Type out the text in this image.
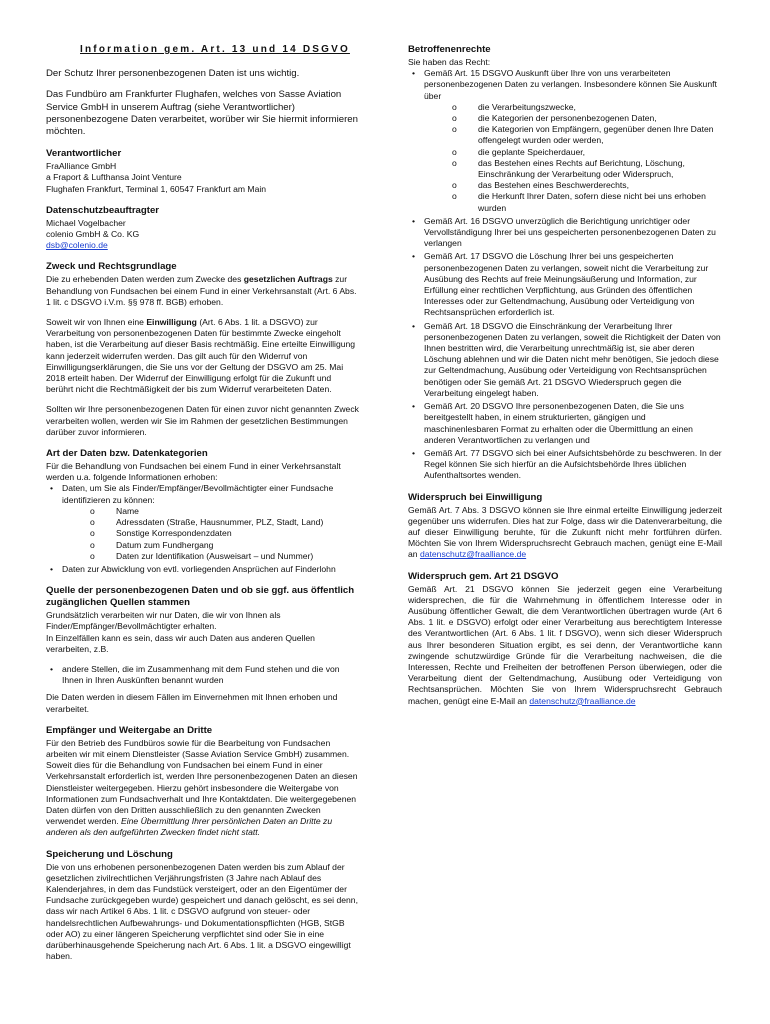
Information gem. Art. 13 und 14 DSGVO

Der Schutz Ihrer personenbezogenen Daten ist uns wichtig.

Das Fundbüro am Frankfurter Flughafen, welches von Sasse Aviation Service GmbH in unserem Auftrag (siehe Verantwortlicher) personenbezogene Daten verarbeitet, worüber wir Sie hiermit informieren möchten.

Verantwortlicher
FraAlliance GmbH
a Fraport & Lufthansa Joint Venture
Flughafen Frankfurt, Terminal 1, 60547 Frankfurt am Main
Datenschutzbeauftragter
Michael Vogelbacher
colenio GmbH & Co. KG
dsb@colenio.de
Zweck und Rechtsgrundlage

Die zu erhebenden Daten werden zum Zwecke des gesetzlichen Auftrags zur Behandlung von Fundsachen bei einem Fund in einer Verkehrsanstalt (Art. 6 Abs. 1 lit. c DSGVO i.V.m. §§ 978 ff. BGB) erhoben.

Soweit wir von Ihnen eine Einwilligung (Art. 6 Abs. 1 lit. a DSGVO) zur Verarbeitung von personenbezogenen Daten für bestimmte Zwecke eingeholt haben, ist die Verarbeitung auf dieser Basis rechtmäßig. Eine erteilte Einwilligung kann jederzeit widerrufen werden. Das gilt auch für den Widerruf von Einwilligungserklärungen, die Sie uns vor der Geltung der DSGVO am 25. Mai 2018 erteilt haben. Der Widerruf der Einwilligung erfolgt für die Zukunft und berührt nicht die Rechtmäßigkeit der bis zum Widerruf verarbeiteten Daten.

Sollten wir Ihre personenbezogenen Daten für einen zuvor nicht genannten Zweck verarbeiten wollen, werden wir Sie im Rahmen der gesetzlichen Bestimmungen darüber zuvor informieren.

Art der Daten bzw. Datenkategorien
Für die Behandlung von Fundsachen bei einem Fund in einer Verkehrsanstalt werden u.a. folgende Informationen erhoben:
• Daten, um Sie als Finder/Empfänger/Bevollmächtigter einer Fundsache identifizieren zu können:
o Name
o Adressdaten (Straße, Hausnummer, PLZ, Stadt, Land)
o Sonstige Korrespondenzdaten
o Datum zum Fundhergang
o Daten zur Identifikation (Ausweisart – und Nummer)
• Daten zur Abwicklung von evtl. vorliegenden Ansprüchen auf Finderlohn
Quelle der personenbezogenen Daten und ob sie ggf. aus öffentlich zugänglichen Quellen stammen
Grundsätzlich verarbeiten wir nur Daten, die wir von Ihnen als Finder/Empfänger/Bevollmächtigter erhalten.

In Einzelfällen kann es sein, dass wir auch Daten aus anderen Quellen verarbeiten, z.B.

• andere Stellen, die im Zusammenhang mit dem Fund stehen und die von Ihnen in Ihren Auskünften benannt wurden

Die Daten werden in diesem Fällen im Einvernehmen mit Ihnen erhoben und verarbeitet.

Empfänger und Weitergabe an Dritte

Für den Betrieb des Fundbüros sowie für die Bearbeitung von Fundsachen arbeiten wir mit einem Dienstleister (Sasse Aviation Service GmbH) zusammen. Soweit dies für die Behandlung von Fundsachen bei einem Fund in einer Verkehrsanstalt erforderlich ist, werden Ihre personenbezogenen Daten an diesen Dienstleister weitergegeben. Hierzu gehört insbesondere die Weitergabe von Informationen zum Fundsachverhalt und Ihre Kontaktdaten. Die weitergegebenen Daten dürfen von den Dritten ausschließlich zu den genannten Zwecken verwendet werden. Eine Übermittlung Ihrer persönlichen Daten an Dritte zu anderen als den aufgeführten Zwecken findet nicht statt.

Speicherung und Löschung

Die von uns erhobenen personenbezogenen Daten werden bis zum Ablauf der gesetzlichen zivilrechtlichen Verjährungsfristen (3 Jahre nach Ablauf des Kalenderjahres, in dem das Fundstück versteigert, oder an den Eigentümer der Fundsache zurückgegeben wurde) gespeichert und danach gelöscht, es sei denn, dass wir nach Artikel 6 Abs. 1 lit. c DSGVO aufgrund von steuer- oder handelsrechtlichen Aufbewahrungs- und Dokumentationspflichten (HGB, StGB oder AO) zu einer längeren Speicherung verpflichtet sind oder Sie in eine darüberhinausgehende Speicherung nach Art. 6 Abs. 1 lit. a DSGVO eingewilligt haben.

Betroffenenrechte
Sie haben das Recht:
• Gemäß Art. 15 DSGVO Auskunft über Ihre von uns verarbeiteten personenbezogenen Daten zu verlangen. Insbesondere können Sie Auskunft über
o die Verarbeitungszwecke,
o die Kategorien der personenbezogenen Daten,
o die Kategorien von Empfängern, gegenüber denen Ihre Daten offengelegt wurden oder werden,
o die geplante Speicherdauer,
o das Bestehen eines Rechts auf Berichtung, Löschung, Einschränkung der Verarbeitung oder Widerspruch,
o das Bestehen eines Beschwerderechts,
o die Herkunft Ihrer Daten, sofern diese nicht bei uns erhoben wurden
• Gemäß Art. 16 DSGVO unverzüglich die Berichtigung unrichtiger oder Vervollständigung Ihrer bei uns gespeicherten personenbezogenen Daten zu verlangen
• Gemäß Art. 17 DSGVO die Löschung Ihrer bei uns gespeicherten personenbezogenen Daten zu verlangen, soweit nicht die Verarbeitung zur Ausübung des Rechts auf freie Meinungsäußerung und Information, zur Erfüllung einer rechtlichen Verpflichtung, aus Gründen des öffentlichen Interesses oder zur Geltendmachung, Ausübung oder Verteidigung von Rechtsansprüchen erforderlich ist.
• Gemäß Art. 18 DSGVO die Einschränkung der Verarbeitung Ihrer personenbezogenen Daten zu verlangen, soweit die Richtigkeit der Daten von Ihnen bestritten wird, die Verarbeitung unrechtmäßig ist, sie aber deren Löschung ablehnen und wir die Daten nicht mehr benötigen, Sie jedoch diese zur Geltendmachung, Ausübung oder Verteidigung von Rechtsansprüchen benötigen oder Sie gemäß Art. 21 DSGVO Wiederspruch gegen die Verarbeitung eingelegt haben.
• Gemäß Art. 20 DSGVO Ihre personenbezogenen Daten, die Sie uns bereitgestellt haben, in einem strukturierten, gängigen und maschinenlesbaren Format zu erhalten oder die Übermittlung an einen anderen Verantwortlichen zu verlangen und
• Gemäß Art. 77 DSGVO sich bei einer Aufsichtsbehörde zu beschweren. In der Regel können Sie sich hierfür an die Aufsichtsbehörde Ihres üblichen Aufenthaltsortes wenden.
Widerspruch bei Einwilligung

Gemäß Art. 7 Abs. 3 DSGVO können sie Ihre einmal erteilte Einwilligung jederzeit gegenüber uns widerrufen. Dies hat zur Folge, dass wir die Datenverarbeitung, die auf dieser Einwilligung beruhte, für die Zukunft nicht mehr fortführen dürfen. Möchten Sie von Ihrem Widerspruchsrecht Gebrauch machen, genügt eine E-Mail an datenschutz@fraalliance.de

Widerspruch gem. Art 21 DSGVO

Gemäß Art. 21 DSGVO können Sie jederzeit gegen eine Verarbeitung widersprechen, die für die Wahrnehmung in öffentlichem Interesse oder in Ausübung öffentlicher Gewalt, die dem Verantwortlichen übertragen wurde (Art 6 Abs. 1 lit. e DSGVO) erfolgt oder einer Verarbeitung aus berechtigtem Interesse des Verantwortlichen (Art. 6 Abs. 1 lit. f DSGVO), wenn sich dieser Widerspruch aus Ihrer besonderen Situation ergibt, es sei denn, der Verantwortliche kann zwingende schutzwürdige Gründe für die Verarbeitung nachweisen, die die Interessen, Rechte und Freiheiten der betroffenen Person überwiegen, oder die Verarbeitung dient der Geltendmachung, Ausübung oder Verteidigung von Rechtsansprüchen. Möchten Sie von Ihrem Widerspruchsrecht Gebrauch machen, genügt eine E-Mail an datenschutz@fraalliance.de
